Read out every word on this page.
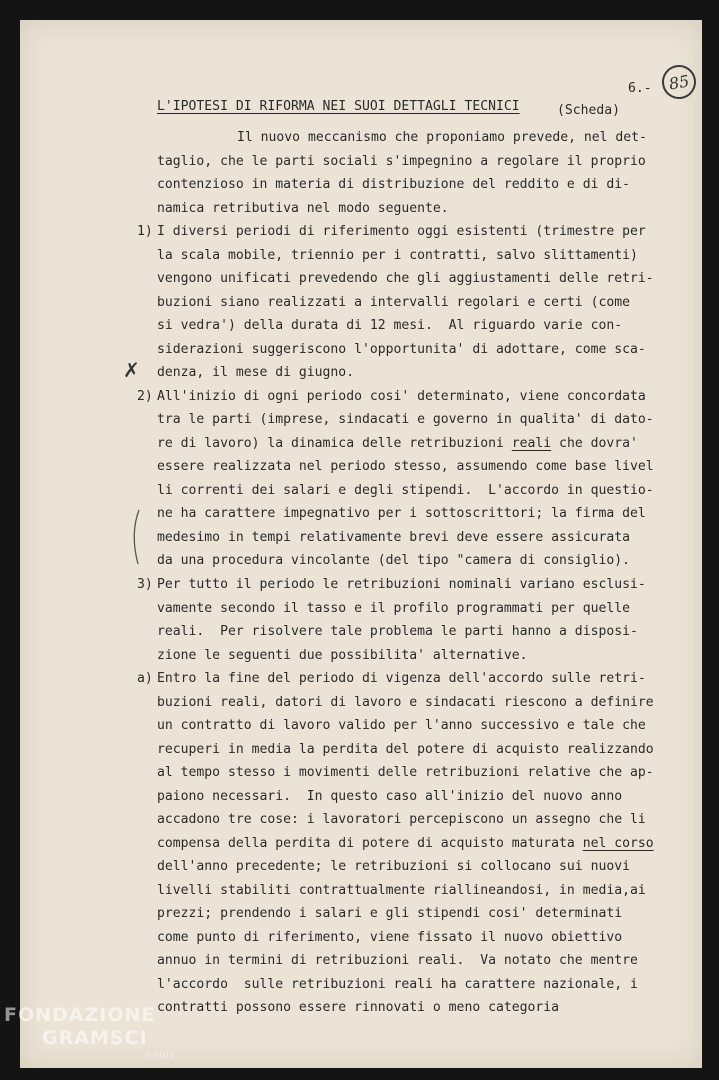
85
6.-
L'IPOTESI DI RIFORMA NEI SUOI DETTAGLI TECNICI	(Scheda)
Il nuovo meccanismo che proponiamo prevede, nel det-
taglio, che le parti sociali s'impegnino a regolare il proprio
contenzioso in materia di distribuzione del reddito e di di-
namica retributiva nel modo seguente.
1) I diversi periodi di riferimento oggi esistenti (trimestre per
la scala mobile, triennio per i contratti, salvo slittamenti)
vengono unificati prevedendo che gli aggiustamenti delle retri-
buzioni siano realizzati a intervalli regolari e certi (come
si vedra') della durata di 12 mesi.  Al riguardo varie con-
siderazioni suggeriscono l'opportunita' di adottare, come sca-
denza, il mese di giugno.
✗
2) All'inizio di ogni periodo cosi' determinato, viene concordata
tra le parti (imprese, sindacati e governo in qualita' di dato-
re di lavoro) la dinamica delle retribuzioni reali che dovra'
essere realizzata nel periodo stesso, assumendo come base livel
li correnti dei salari e degli stipendi.  L'accordo in questio-
ne ha carattere impegnativo per i sottoscrittori; la firma del
medesimo in tempi relativamente brevi deve essere assicurata
da una procedura vincolante (del tipo "camera di consiglio).
3) Per tutto il periodo le retribuzioni nominali variano esclusi-
vamente secondo il tasso e il profilo programmati per quelle
reali.  Per risolvere tale problema le parti hanno a disposi-
zione le seguenti due possibilita' alternative.
a) Entro la fine del periodo di vigenza dell'accordo sulle retri-
buzioni reali, datori di lavoro e sindacati riescono a definire
un contratto di lavoro valido per l'anno successivo e tale che
recuperi in media la perdita del potere di acquisto realizzando
al tempo stesso i movimenti delle retribuzioni relative che ap-
paiono necessari.  In questo caso all'inizio del nuovo anno
accadono tre cose: i lavoratori percepiscono un assegno che li
compensa della perdita di potere di acquisto maturata nel corso
dell'anno precedente; le retribuzioni si collocano sui nuovi
livelli stabiliti contrattualmente riallineandosi, in media,ai
prezzi; prendendo i salari e gli stipendi cosi' determinati
come punto di riferimento, viene fissato il nuovo obiettivo
annuo in termini di retribuzioni reali.  Va notato che mentre
l'accordo  sulle retribuzioni reali ha carattere nazionale, i
contratti possono essere rinnovati o meno categoria
FONDAZIONE
GRAMSCI
onlus
